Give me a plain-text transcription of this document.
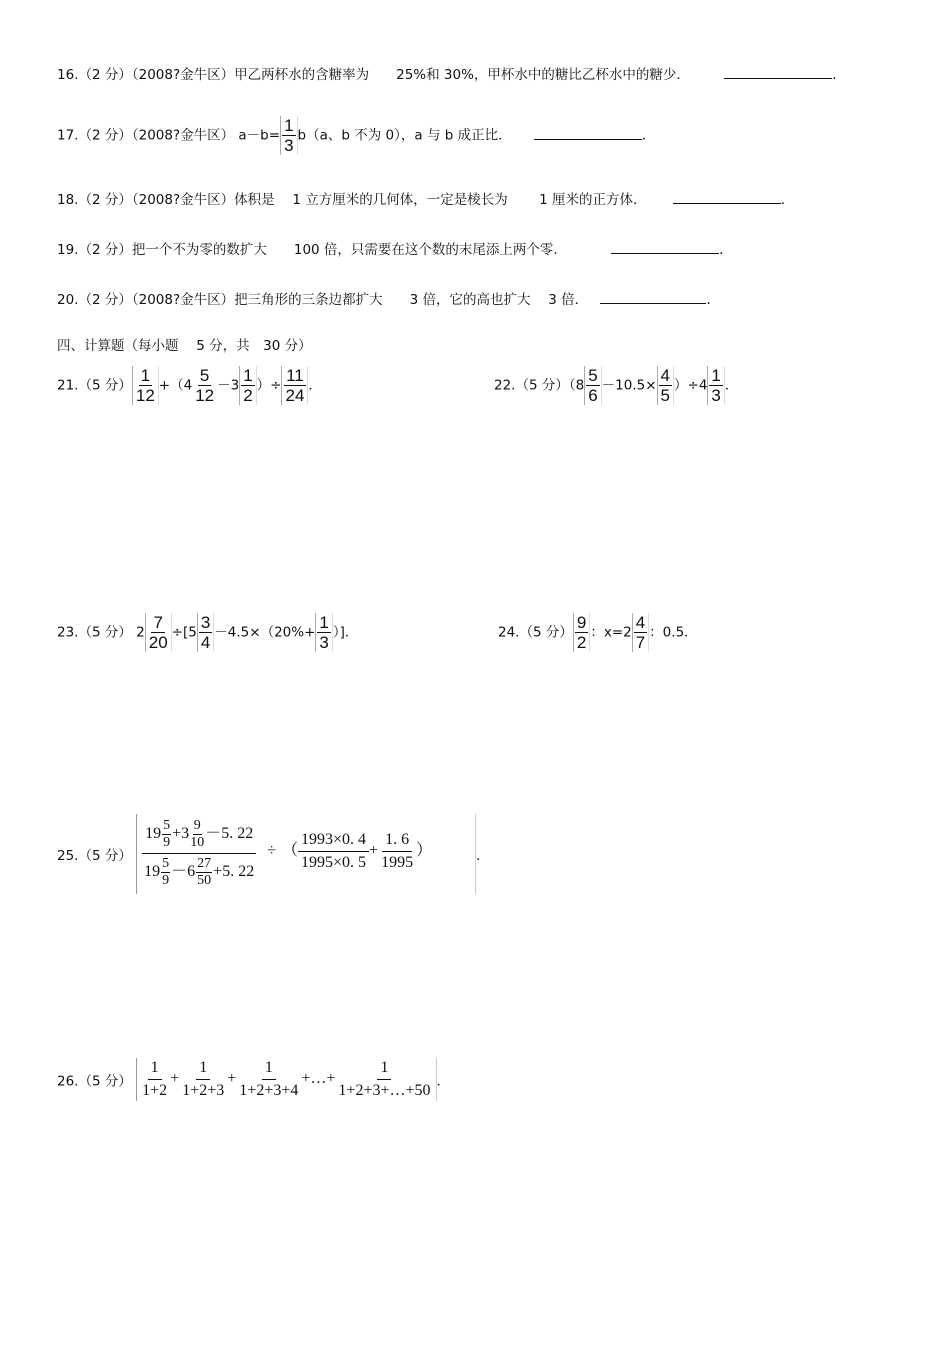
16.（2 分）（2008?金牛区）甲乙两杯水的含糖率为　　25%和 30%，甲杯水中的糖比乙杯水中的糖少．	．
17.（2 分）（2008?金牛区） $a-b= \frac{1}{3} b(a$、b 不为 0），a 与 b 成正比．	．
18.（2 分）（2008?金牛区）体积是　 1 立方厘米的几何体，一定是棱长为　　 1 厘米的正方体．	．
19.（2 分）把一个不为零的数扩大　　100 倍，只需要在这个数的末尾添上两个零．	．
20.（2 分）（2008?金牛区）把三角形的三条边都扩大　　3 倍，它的高也扩大　 3 倍．	．
四、计算题（每小题　 5 分，共　30 分）
21.（5 分） $\frac{1}{12} +(4 \frac{5}{12} -3 \frac{1}{2}$ ）÷ $\frac{11}{24}$ ．	22.（5 分）$(8 \frac{5}{6} -10.5\times \frac{4}{5} )\div 4 \frac{1}{3}$ ．
23.（5 分） $2 \frac{7}{20} \div[5 \frac{3}{4} -4.5\times(20\%+ \frac{1}{3}$ ）]．	24.（5 分） $\frac{9}{2}$ ：$x=2 \frac{4}{7}$ ：0.5．
25.（5 分） $\frac{19 \frac{5}{9} +3 \frac{9}{10} -5. 22}{19 \frac{5}{9} -6 \frac{27}{50} +5. 22}$ ÷ （ $\frac{1993\times 0. 4}{1995\times 0. 5} + \frac{1. 6}{1995}$ ）	．
26.（5 分） $\frac{1}{1+2} + \frac{1}{1+2+3} + \frac{1}{1+2+3+4}$ +…+ $\frac{1}{1+2+3+\dots+50}$ ．
